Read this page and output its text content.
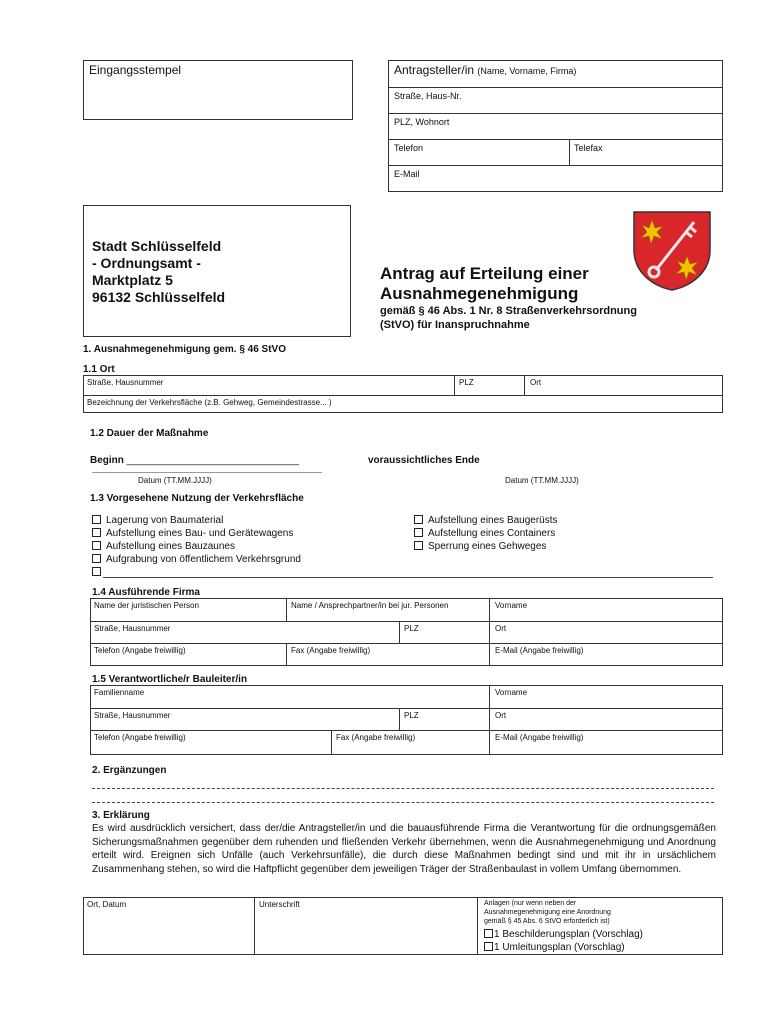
Eingangsstempel	Antragsteller/in (Name, Vorname, Firma)
Straße, Haus-Nr.
PLZ, Wohnort
Telefon	Telefax
E-Mail
Stadt Schlüsselfeld
- Ordnungsamt -
Marktplatz 5
96132 Schlüsselfeld
Antrag auf Erteilung einer
Ausnahmegenehmigung
gemäß § 46 Abs. 1 Nr. 8 Straßenverkehrsordnung
(StVO) für Inanspruchnahme
1. Ausnahmegenehmigung gem. § 46 StVO
1.1 Ort
Straße, Hausnummer	PLZ	Ort
Bezeichnung der Verkehrsfläche (z.B. Gehweg, Gemeindestrasse... )
1.2 Dauer der Maßnahme
Beginn _______________________________	voraussichtliches Ende
Datum (TT.MM.JJJJ)	Datum (TT.MM.JJJJ)
1.3 Vorgesehene Nutzung der Verkehrsfläche
Lagerung von Baumaterial
Aufstellung eines Bau- und Gerätewagens
Aufstellung eines Bauzaunes
Aufgrabung von öffentlichem Verkehrsgrund
Aufstellung eines Baugerüsts
Aufstellung eines Containers
Sperrung eines Gehweges
1.4 Ausführende Firma
Name der juristischen Person	Name / Ansprechpartner/in bei jur. Personen	Vorname
Straße, Hausnummer	PLZ	Ort
Telefon (Angabe freiwillig)	Fax (Angabe freiwillig)	E-Mail (Angabe freiwillig)
1.5 Verantwortliche/r Bauleiter/in
Familienname	Vorname
Straße, Hausnummer	PLZ	Ort
Telefon (Angabe freiwillig)	Fax (Angabe freiwillig)	E-Mail (Angabe freiwillig)
2. Ergänzungen
3. Erklärung
Es wird ausdrücklich versichert, dass der/die Antragsteller/in und die bauausführende Firma die Verantwortung für die ordnungsgemäßen Sicherungsmaßnahmen gegenüber dem ruhenden und fließenden Verkehr übernehmen, wenn die Ausnahmegenehmigung und Anordnung erteilt wird. Ereignen sich Unfälle (auch Verkehrsunfälle), die durch diese Maßnahmen bedingt sind und mit ihr in ursächlichem Zusammenhang stehen, so wird die Haftpflicht gegenüber dem jeweiligen Träger der Straßenbaulast in vollem Umfang übernommen.
Ort, Datum	Unterschrift	Anlagen (nur wenn neben der
Ausnahmegenehmigung eine Anordnung
gemäß § 45 Abs. 6 StVO erforderlich ist)
1 Beschilderungsplan (Vorschlag)
1 Umleitungsplan (Vorschlag)
